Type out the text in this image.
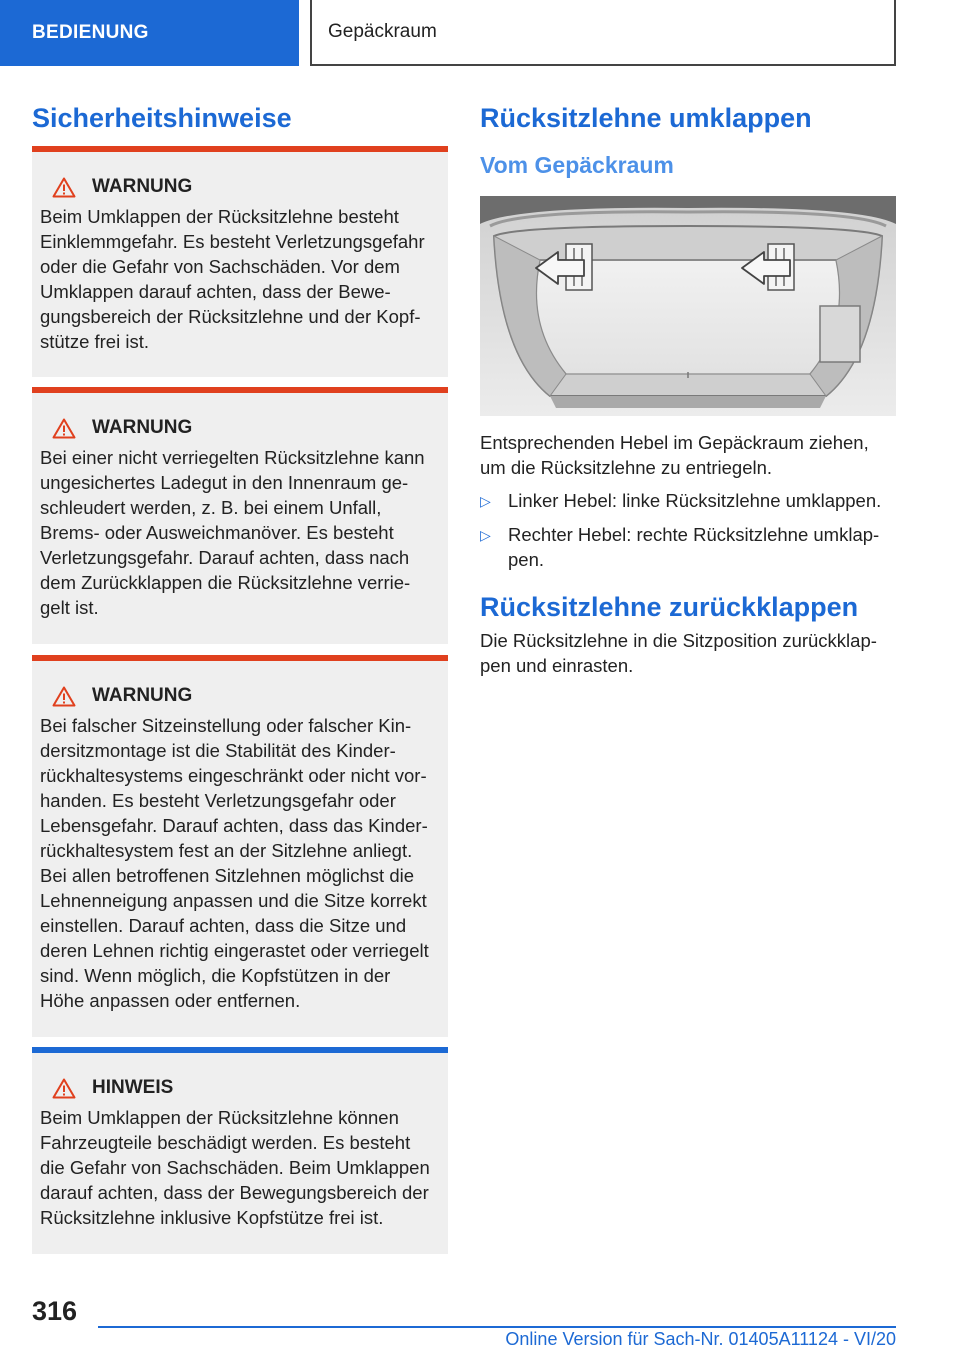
BEDIENUNG	Gepäckraum
Sicherheitshinweise
WARNUNG
Beim Umklappen der Rücksitzlehne besteht
Einklemmgefahr. Es besteht Verletzungsgefahr
oder die Gefahr von Sachschäden. Vor dem
Umklappen darauf achten, dass der Bewe-
gungsbereich der Rücksitzlehne und der Kopf-
stütze frei ist.
WARNUNG
Bei einer nicht verriegelten Rücksitzlehne kann
ungesichertes Ladegut in den Innenraum ge-
schleudert werden, z. B. bei einem Unfall,
Brems- oder Ausweichmanöver. Es besteht
Verletzungsgefahr. Darauf achten, dass nach
dem Zurückklappen die Rücksitzlehne verrie-
gelt ist.
WARNUNG
Bei falscher Sitzeinstellung oder falscher Kin-
dersitzmontage ist die Stabilität des Kinder-
rückhaltesystems eingeschränkt oder nicht vor-
handen. Es besteht Verletzungsgefahr oder
Lebensgefahr. Darauf achten, dass das Kinder-
rückhaltesystem fest an der Sitzlehne anliegt.
Bei allen betroffenen Sitzlehnen möglichst die
Lehnenneigung anpassen und die Sitze korrekt
einstellen. Darauf achten, dass die Sitze und
deren Lehnen richtig eingerastet oder verriegelt
sind. Wenn möglich, die Kopfstützen in der
Höhe anpassen oder entfernen.
HINWEIS
Beim Umklappen der Rücksitzlehne können
Fahrzeugteile beschädigt werden. Es besteht
die Gefahr von Sachschäden. Beim Umklappen
darauf achten, dass der Bewegungsbereich der
Rücksitzlehne inklusive Kopfstütze frei ist.
Rücksitzlehne umklappen
Vom Gepäckraum
Entsprechenden Hebel im Gepäckraum ziehen,
um die Rücksitzlehne zu entriegeln.
▷ Linker Hebel: linke Rücksitzlehne umklappen.
▷ Rechter Hebel: rechte Rücksitzlehne umklap-
pen.
Rücksitzlehne zurückklappen
Die Rücksitzlehne in die Sitzposition zurückklap-
pen und einrasten.
316
Online Version für Sach-Nr. 01405A11124 - VI/20
